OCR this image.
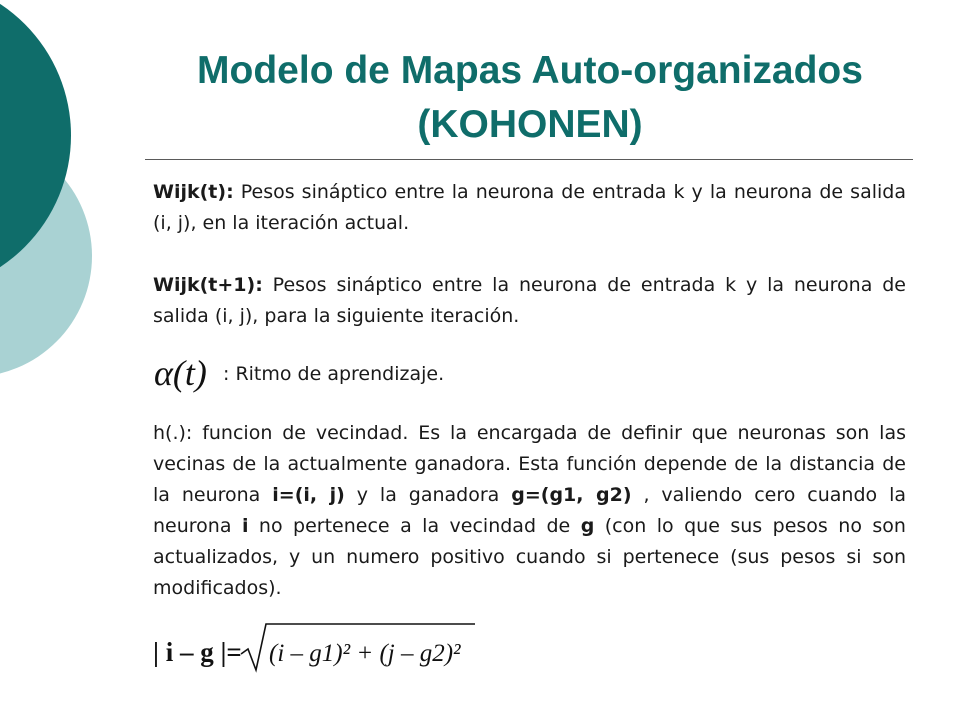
Modelo de Mapas Auto-organizados
(KOHONEN)

Wijk(t): Pesos sináptico entre la neurona de entrada k y la neurona de salida (i, j), en la iteración actual.

Wijk(t+1): Pesos sináptico entre la neurona de entrada k y la neurona de salida (i, j), para la siguiente iteración.

α(t) : Ritmo de aprendizaje.

h(.): funcion de vecindad. Es la encargada de definir que neuronas son las vecinas de la actualmente ganadora. Esta función depende de la distancia de la neurona i=(i, j) y la ganadora g=(g1, g2) , valiendo cero cuando la neurona i no pertenece a la vecindad de g (con lo que sus pesos no son actualizados, y un numero positivo cuando si pertenece (sus pesos si son modificados).

| i – g |= (i – g1)² + (j – g2)²
